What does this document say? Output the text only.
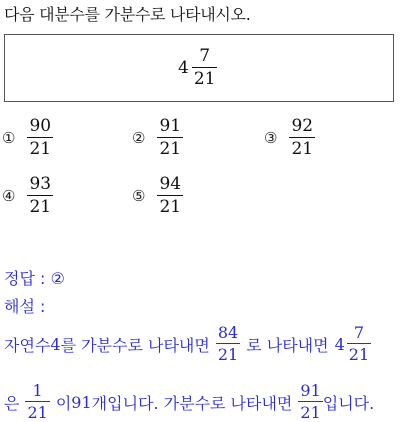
다음 대분수를 가분수로 나타내시오.
$4 \frac{7}{21}$
① $\frac{90}{21}$	② $\frac{91}{21}$	③ $\frac{92}{21}$
④ $\frac{93}{21}$	⑤ $\frac{94}{21}$
정답 : ②
해설 :
자연수 4 를 가분수로 나타내면 $\frac{84}{21}$ 로 나타내면 $4 \frac{7}{21}$
은 $\frac{1}{21}$ 이 91 개입니다. 가분수로 나타내면 $\frac{91}{21}$ 입니다.
